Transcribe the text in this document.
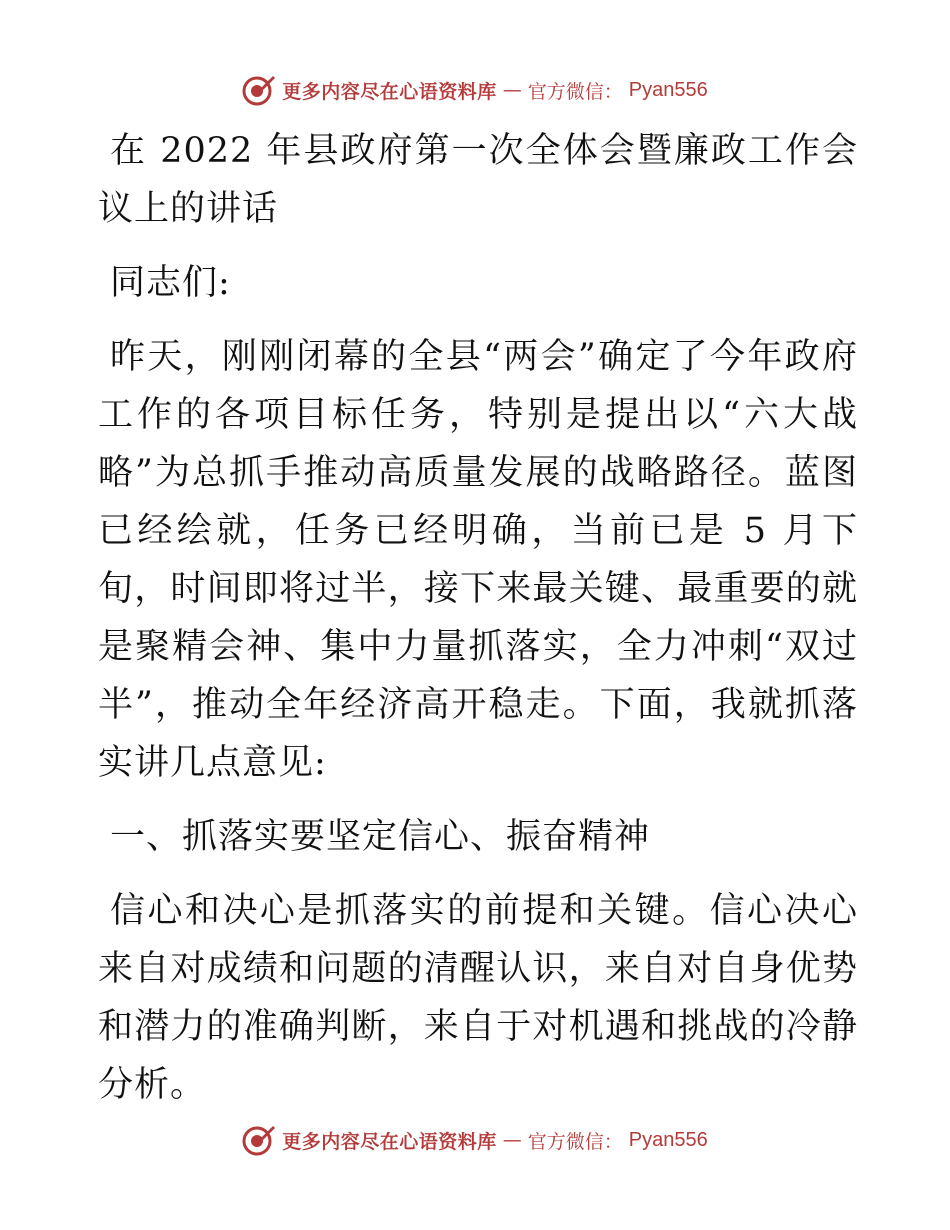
更多内容尽在心语资料库 — 官方微信： Pyan556

在 2022 年县政府第一次全体会暨廉政工作会议上的讲话

同志们:

昨天，刚刚闭幕的全县“两会”确定了今年政府工作的各项目标任务，特别是提出以“六大战略”为总抓手推动高质量发展的战略路径。蓝图已经绘就，任务已经明确，当前已是 5 月下旬，时间即将过半，接下来最关键、最重要的就是聚精会神、集中力量抓落实，全力冲刺“双过半”，推动全年经济高开稳走。下面，我就抓落实讲几点意见:

一、抓落实要坚定信心、振奋精神

信心和决心是抓落实的前提和关键。信心决心来自对成绩和问题的清醒认识，来自对自身优势和潜力的准确判断，来自于对机遇和挑战的冷静分析。

更多内容尽在心语资料库 — 官方微信： Pyan556
